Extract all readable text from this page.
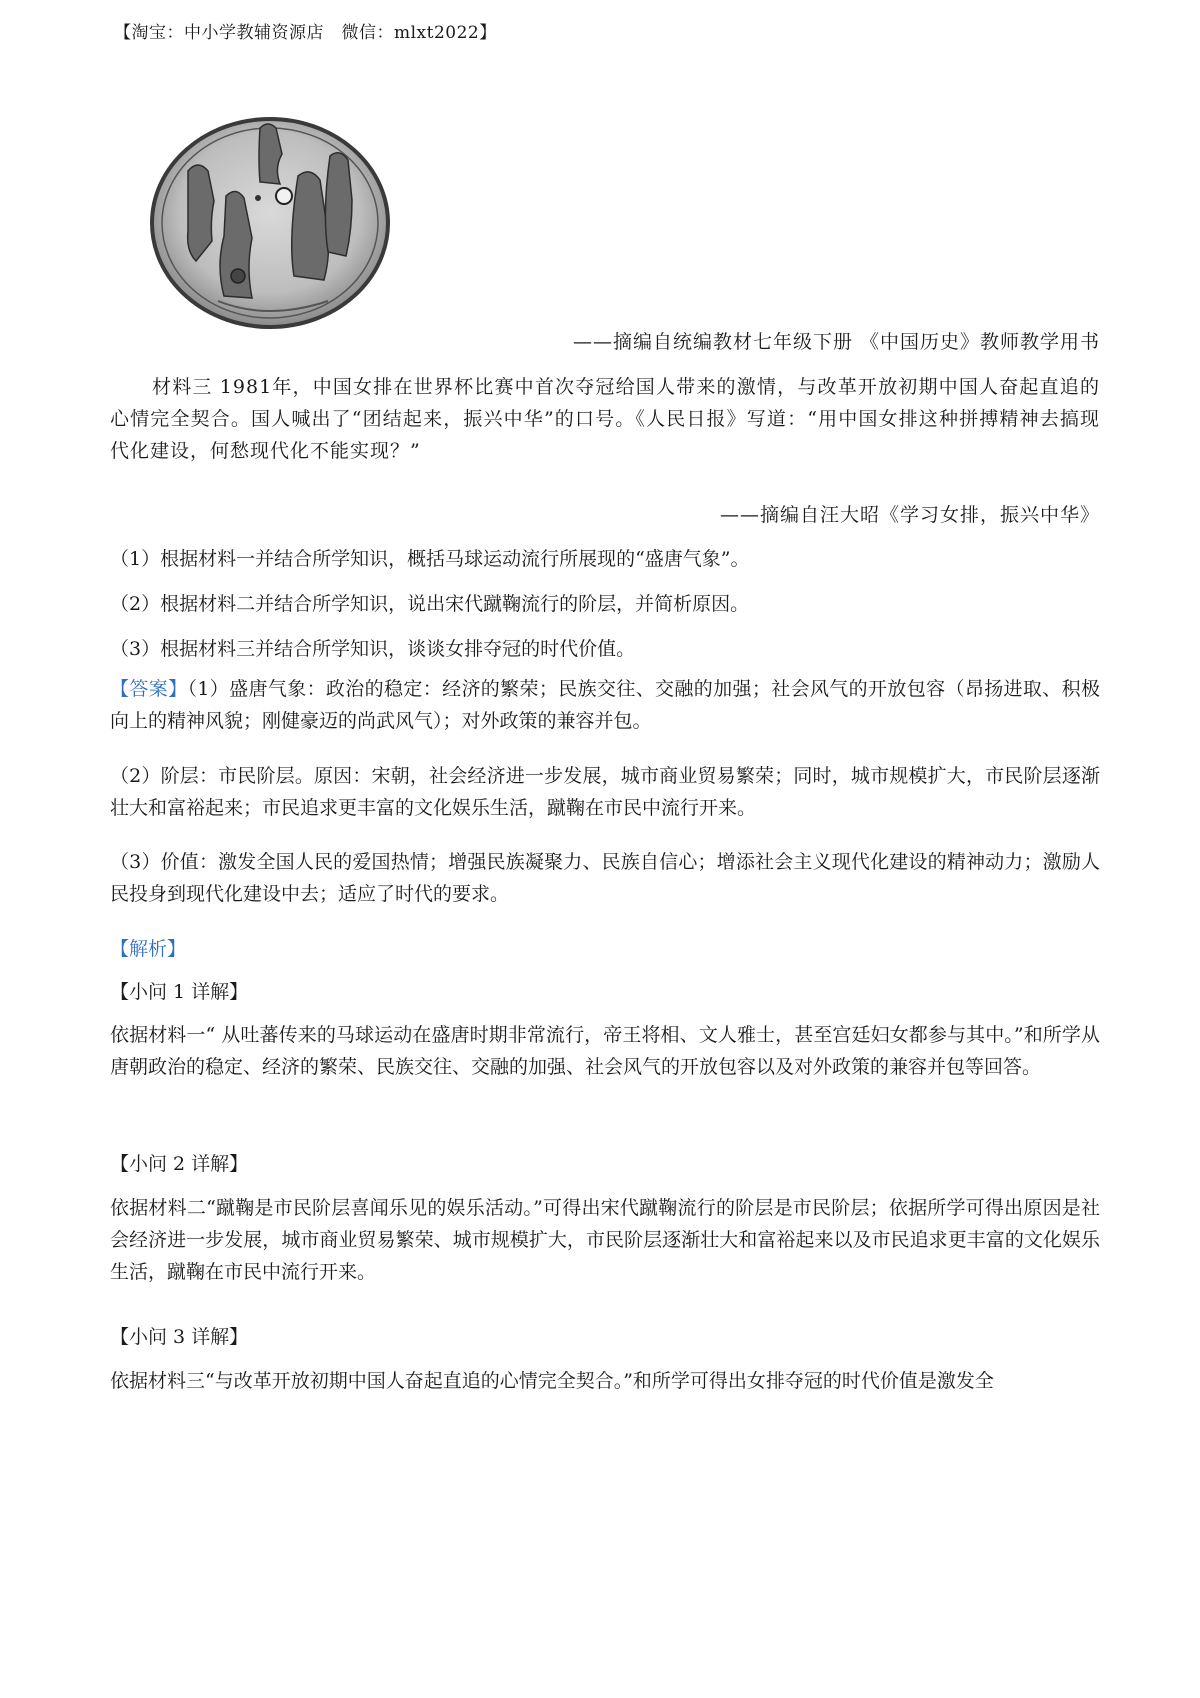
【淘宝：中小学教辅资源店　微信：mlxt2022】
——摘编自统编教材七年级下册 《中国历史》教师教学用书
材料三 1981年，中国女排在世界杯比赛中首次夺冠给国人带来的激情，与改革开放初期中国人奋起直追的心情完全契合。国人喊出了“团结起来，振兴中华”的口号。《人民日报》写道：“用中国女排这种拼搏精神去搞现代化建设，何愁现代化不能实现？”
——摘编自汪大昭《学习女排，振兴中华》

（1）根据材料一并结合所学知识，概括马球运动流行所展现的“盛唐气象”。

（2）根据材料二并结合所学知识，说出宋代蹴鞠流行的阶层，并简析原因。

（3）根据材料三并结合所学知识，谈谈女排夺冠的时代价值。

【答案】（1）盛唐气象：政治的稳定：经济的繁荣；民族交往、交融的加强；社会风气的开放包容（昂扬进取、积极向上的精神风貌；刚健豪迈的尚武风气）；对外政策的兼容并包。
（2）阶层：市民阶层。原因：宋朝，社会经济进一步发展，城市商业贸易繁荣；同时，城市规模扩大，市民阶层逐渐壮大和富裕起来；市民追求更丰富的文化娱乐生活，蹴鞠在市民中流行开来。
（3）价值：激发全国人民的爱国热情；增强民族凝聚力、民族自信心；增添社会主义现代化建设的精神动力；激励人民投身到现代化建设中去；适应了时代的要求。
【解析】
【小问 1 详解】
依据材料一“ 从吐蕃传来的马球运动在盛唐时期非常流行，帝王将相、文人雅士，甚至宫廷妇女都参与其中。”和所学从唐朝政治的稳定、经济的繁荣、民族交往、交融的加强、社会风气的开放包容以及对外政策的兼容并包等回答。
【小问 2 详解】
依据材料二“蹴鞠是市民阶层喜闻乐见的娱乐活动。”可得出宋代蹴鞠流行的阶层是市民阶层；依据所学可得出原因是社会经济进一步发展，城市商业贸易繁荣、城市规模扩大，市民阶层逐渐壮大和富裕起来以及市民追求更丰富的文化娱乐生活，蹴鞠在市民中流行开来。
【小问 3 详解】
依据材料三“与改革开放初期中国人奋起直追的心情完全契合。”和所学可得出女排夺冠的时代价值是激发全
